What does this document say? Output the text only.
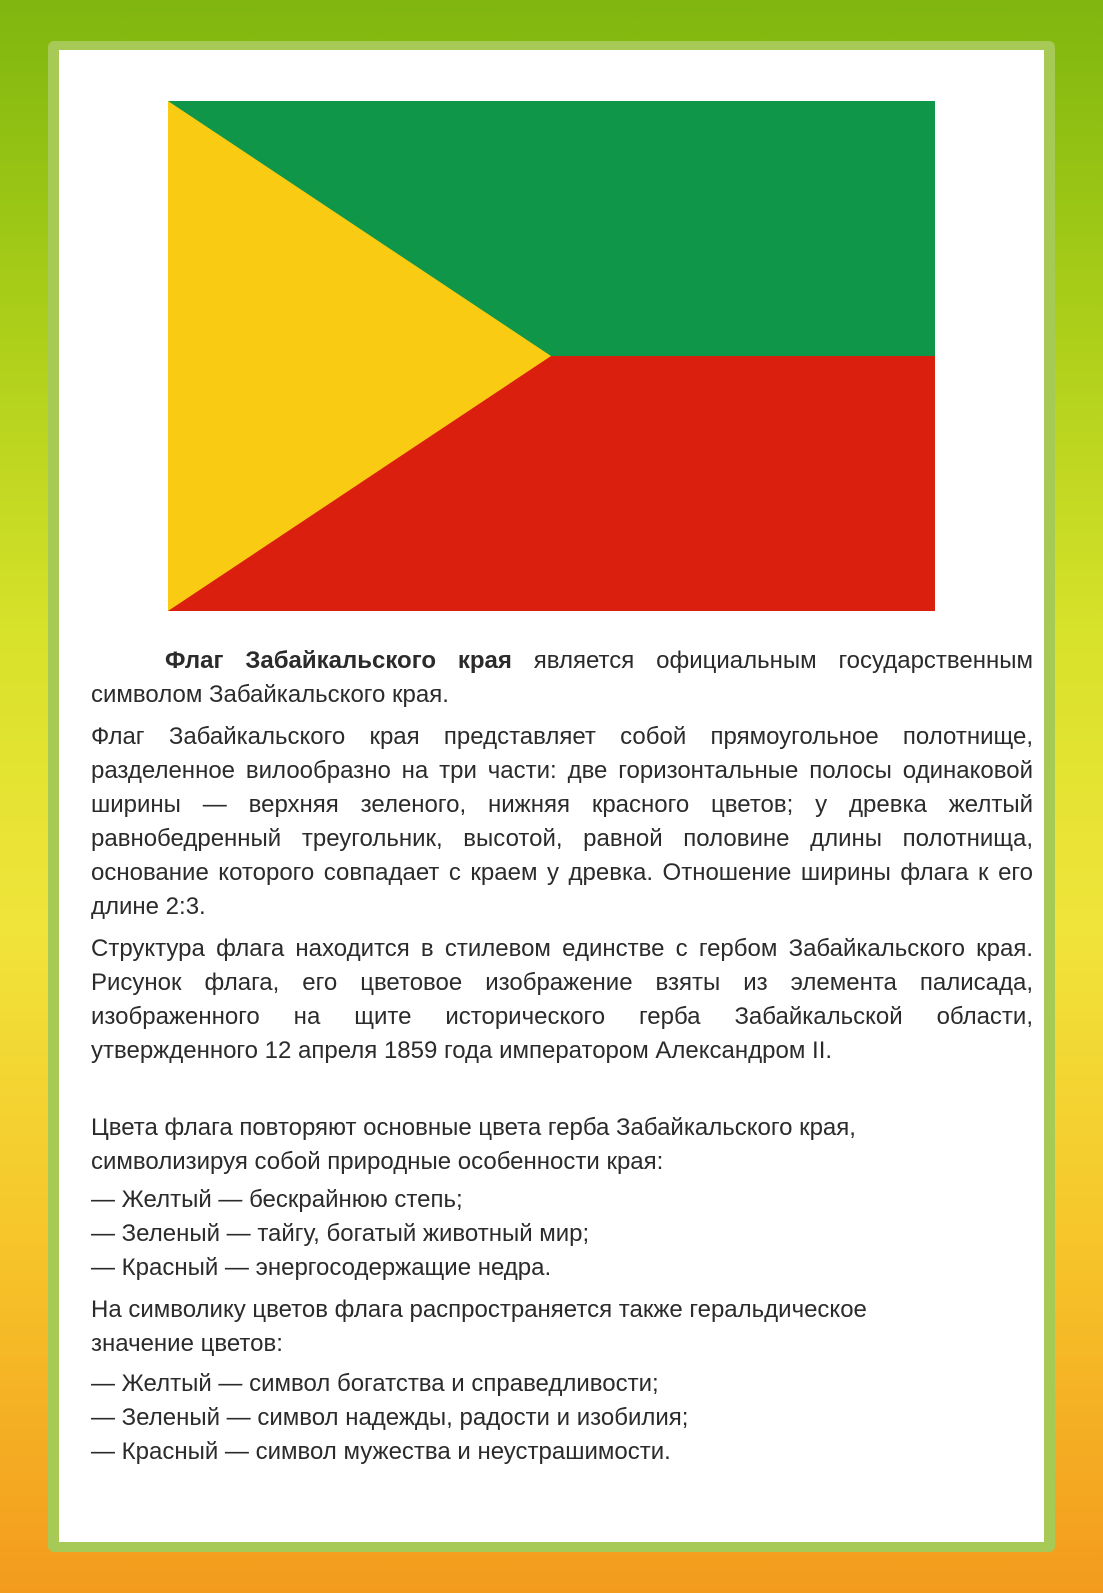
Флаг Забайкальского края является официальным государственным символом Забайкальского края.
Флаг Забайкальского края представляет собой прямоугольное полотнище, разделенное вилообразно на три части: две горизонтальные полосы одинаковой ширины — верхняя зеленого, нижняя красного цветов; у древка желтый равнобедренный треугольник, высотой, равной половине длины полотнища, основание которого совпадает с краем у древка. Отношение ширины флага к его длине 2:3.
Структура флага находится в стилевом единстве с гербом Забайкальского края. Рисунок флага, его цветовое изображение взяты из элемента палисада, изображенного на щите исторического герба Забайкальской области, утвержденного 12 апреля 1859 года императором Александром II.
Цвета флага повторяют основные цвета герба Забайкальского края,
символизируя собой природные особенности края:
— Желтый — бескрайнюю степь;
— Зеленый — тайгу, богатый животный мир;
— Красный — энергосодержащие недра.
На символику цветов флага распространяется также геральдическое
значение цветов:
— Желтый — символ богатства и справедливости;
— Зеленый — символ надежды, радости и изобилия;
— Красный — символ мужества и неустрашимости.
